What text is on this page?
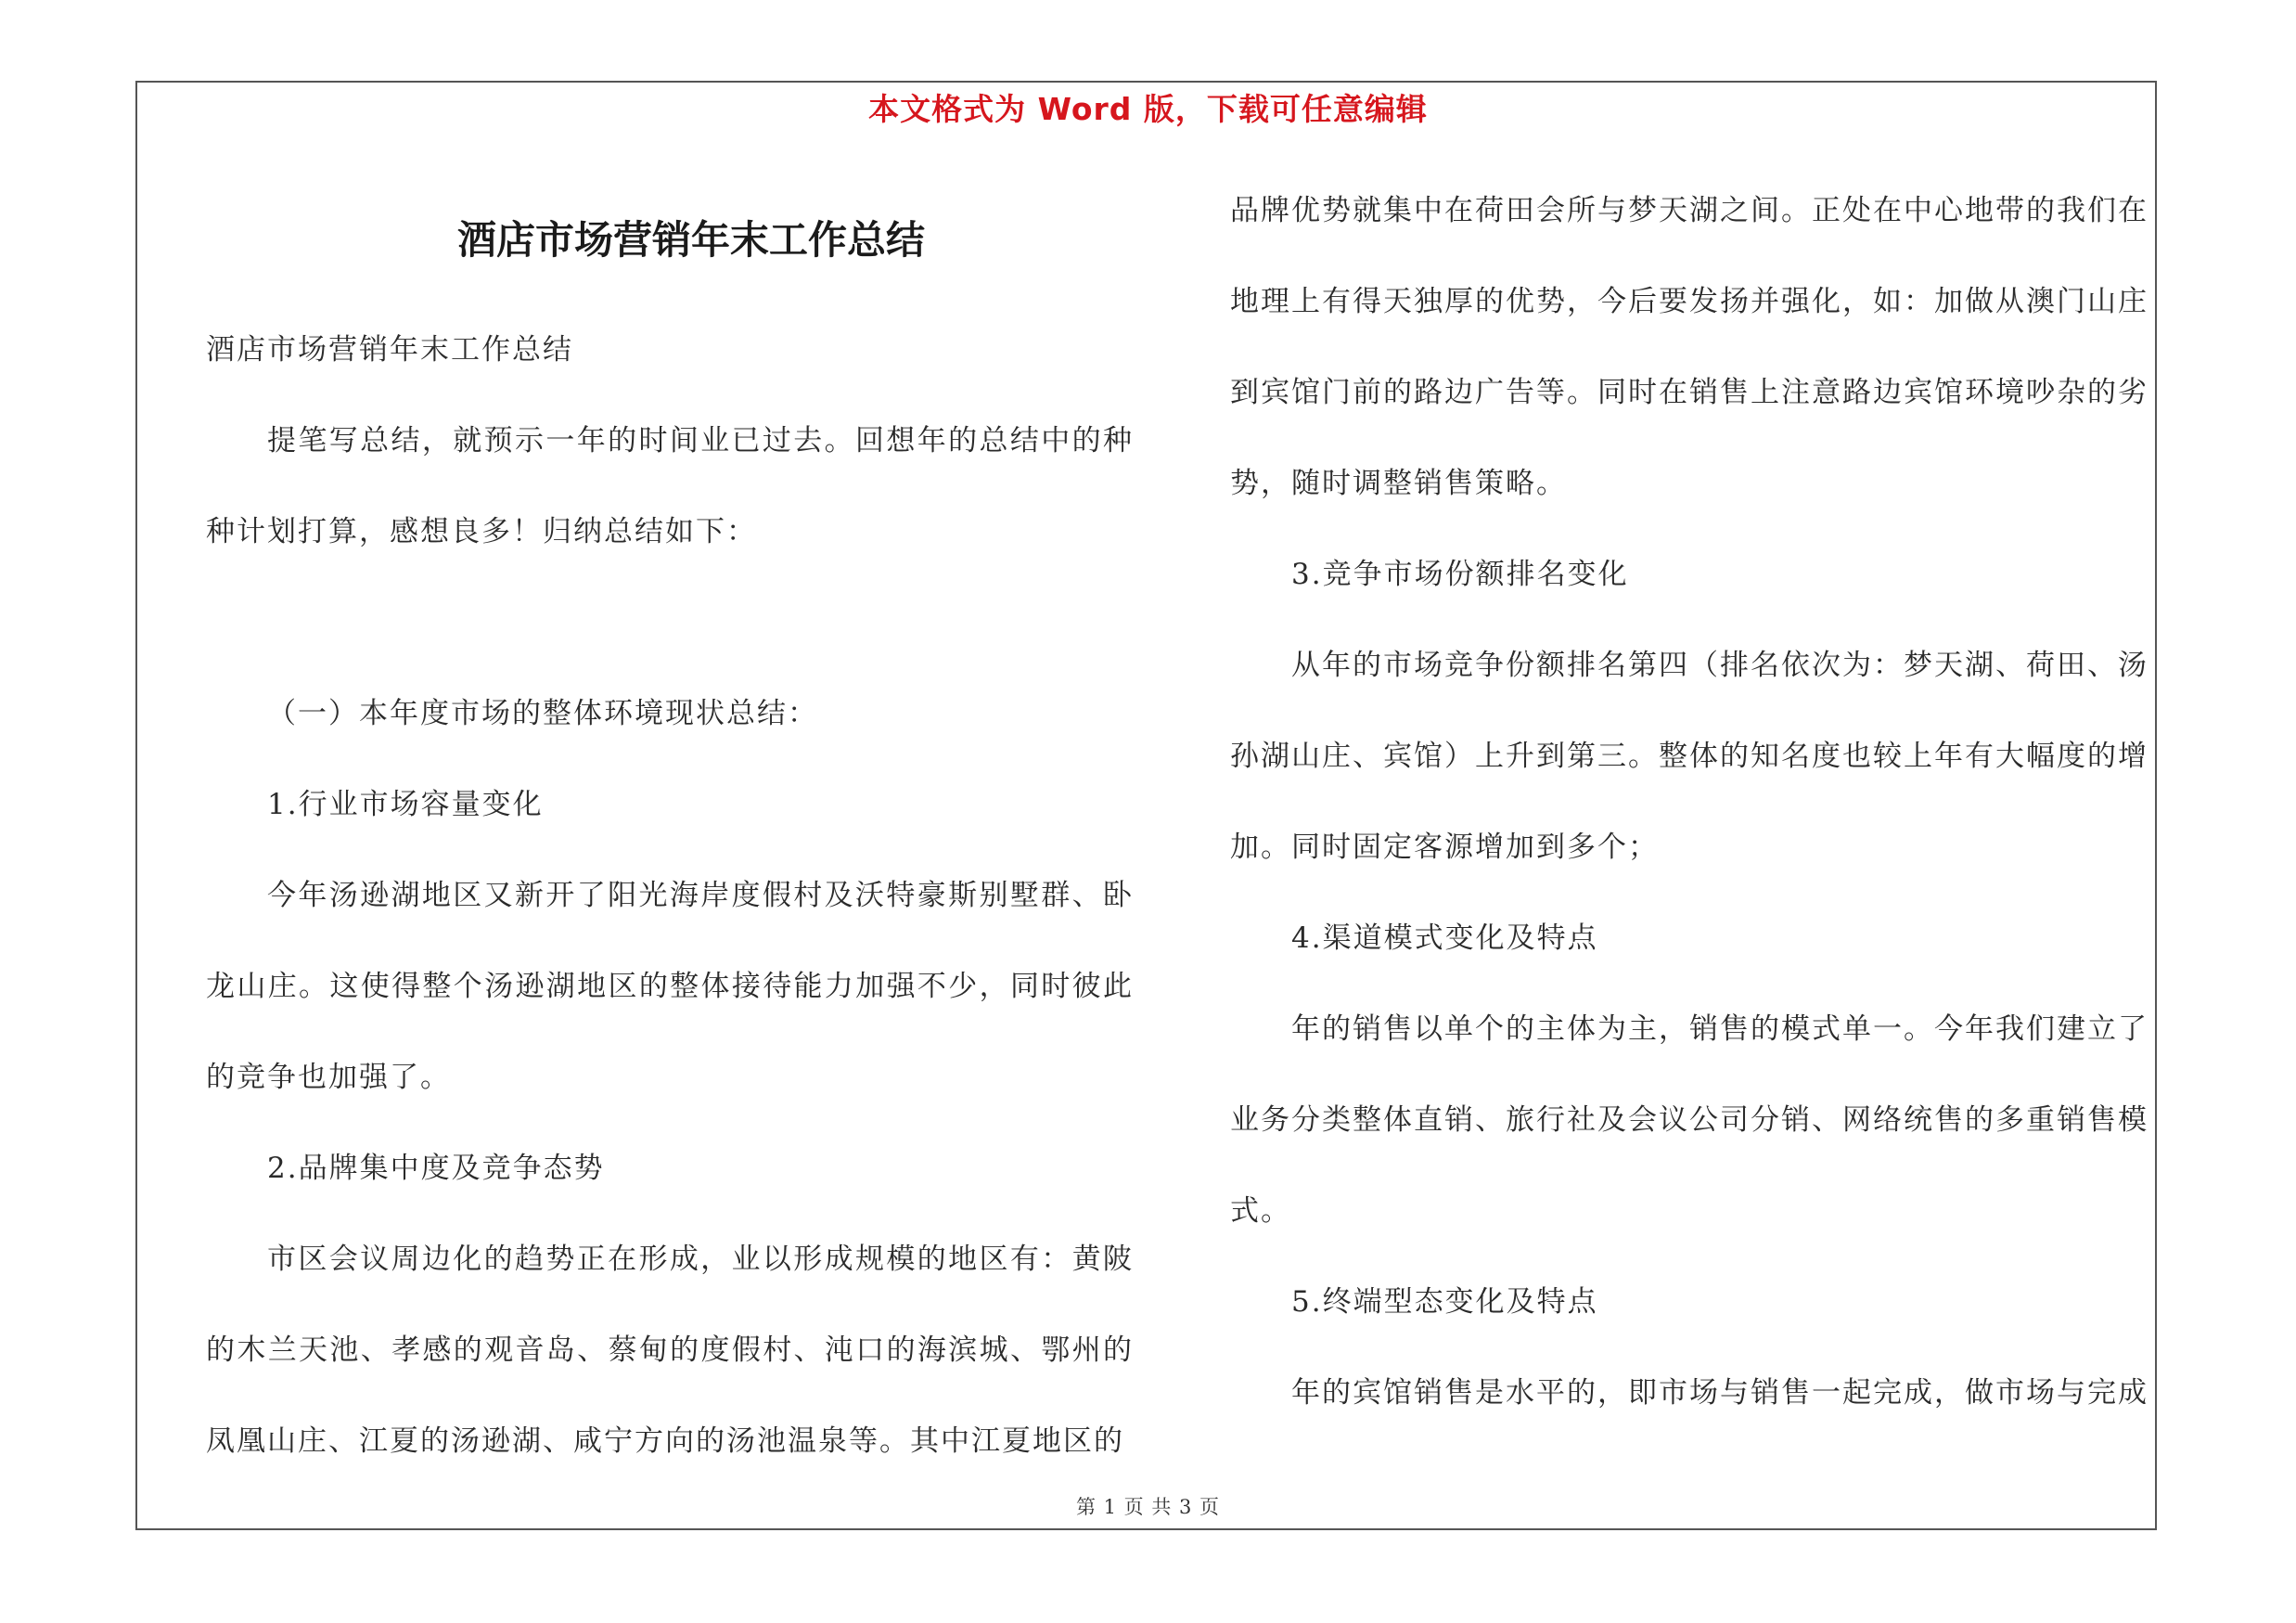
本文格式为 Word 版，下载可任意编辑
酒店市场营销年末工作总结

酒店市场营销年末工作总结

提笔写总结，就预示一年的时间业已过去。回想年的总结中的种种计划打算，感想良多！归纳总结如下：

（一）本年度市场的整体环境现状总结：

1.行业市场容量变化

今年汤逊湖地区又新开了阳光海岸度假村及沃特豪斯别墅群、卧龙山庄。这使得整个汤逊湖地区的整体接待能力加强不少，同时彼此的竞争也加强了。

2.品牌集中度及竞争态势

市区会议周边化的趋势正在形成，业以形成规模的地区有：黄陂的木兰天池、孝感的观音岛、蔡甸的度假村、沌口的海滨城、鄂州的凤凰山庄、江夏的汤逊湖、咸宁方向的汤池温泉等。其中江夏地区的

品牌优势就集中在荷田会所与梦天湖之间。正处在中心地带的我们在地理上有得天独厚的优势，今后要发扬并强化，如：加做从澳门山庄到宾馆门前的路边广告等。同时在销售上注意路边宾馆环境吵杂的劣势，随时调整销售策略。

3.竞争市场份额排名变化

从年的市场竞争份额排名第四（排名依次为：梦天湖、荷田、汤孙湖山庄、宾馆）上升到第三。整体的知名度也较上年有大幅度的增加。同时固定客源增加到多个；

4.渠道模式变化及特点

年的销售以单个的主体为主，销售的模式单一。今年我们建立了业务分类整体直销、旅行社及会议公司分销、网络统售的多重销售模式。

5.终端型态变化及特点

年的宾馆销售是水平的，即市场与销售一起完成，做市场与完成

第 1 页 共 3 页
